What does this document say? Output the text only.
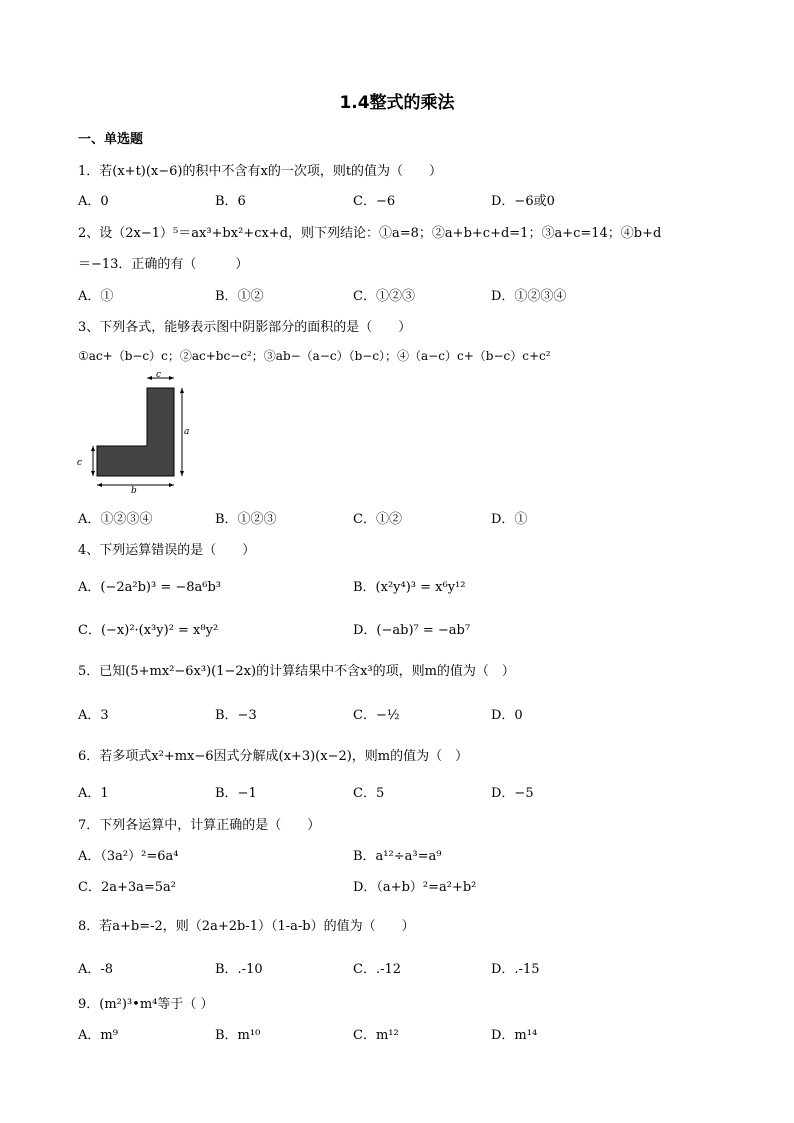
1.4整式的乘法
一、单选题
1．若(x+t)(x−6)的积中不含有x的一次项，则t的值为（　　）
A．0	B．6	C．−6	D．−6或0
2、设（2x−1）⁵＝ax³+bx²+cx+d，则下列结论：①a=8；②a+b+c+d=1；③a+c=14；④b+d
＝−13．正确的有（　　　）
A．①	B．①②	C．①②③	D．①②③④
3、下列各式，能够表示图中阴影部分的面积的是（　　）
①ac+（b−c）c；②ac+bc−c²；③ab−（a−c）（b−c）；④（a−c）c+（b−c）c+c²
c
a
c
b
A．①②③④	B．①②③	C．①②	D．①
4、下列运算错误的是（　　）
A．(−2a²b)³ = −8a⁶b³	B．(x²y⁴)³ = x⁶y¹²
C．(−x)²·(x³y)² = x⁸y²	D．(−ab)⁷ = −ab⁷
5．已知(5+mx²−6x³)(1−2x)的计算结果中不含x³的项，则m的值为（　）
A．3	B．−3	C．−½	D．0
6．若多项式x²+mx−6因式分解成(x+3)(x−2)，则m的值为（　）
A．1	B．−1	C．5	D．−5
7．下列各运算中，计算正确的是（　　）
A．（3a²）²=6a⁴	B．a¹²÷a³=a⁹
C．2a+3a=5a²	D．（a+b）²=a²+b²
8．若a+b=-2，则（2a+2b-1）（1-a-b）的值为（　　）
A．-8	B．.-10	C．.-12	D．.-15
9．(m²)³•m⁴等于（ ）
A．m⁹	B．m¹⁰	C．m¹²	D．m¹⁴
